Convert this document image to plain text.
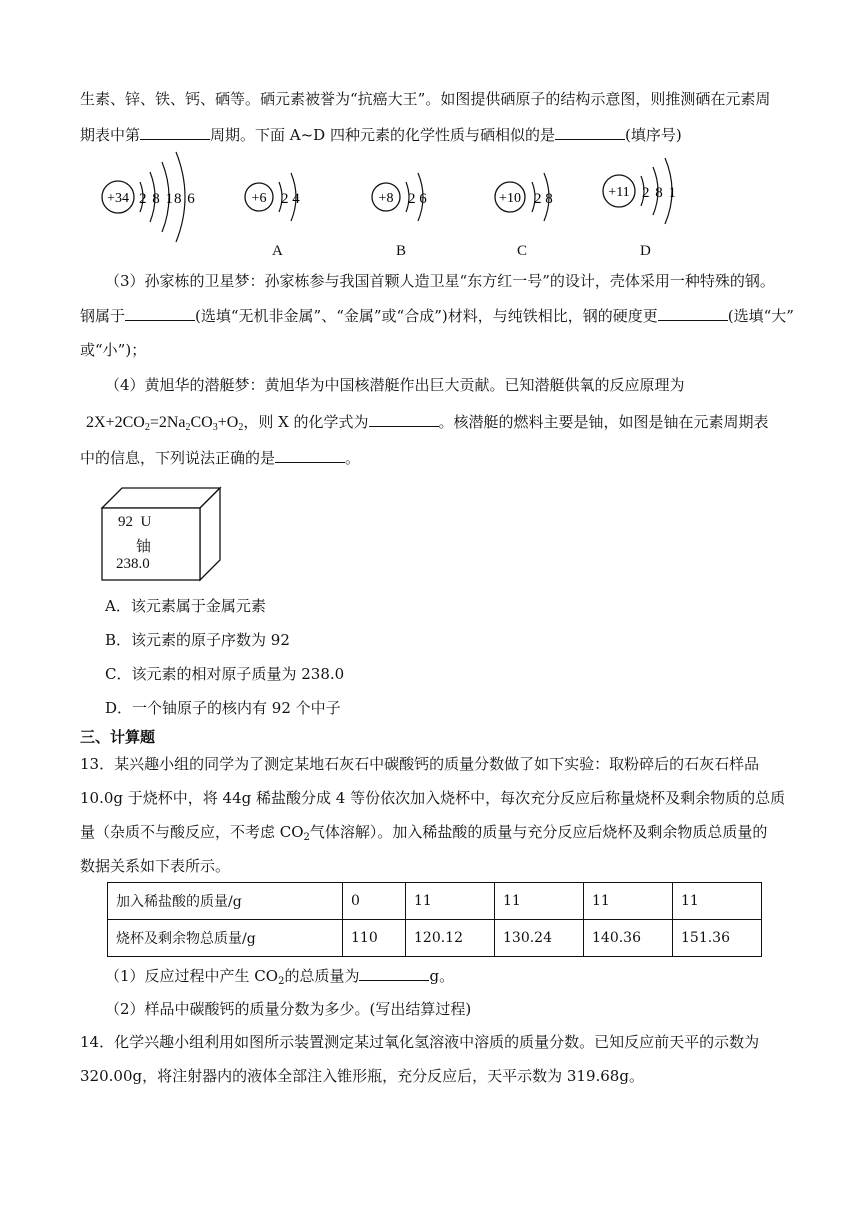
生素、锌、铁、钙、硒等。硒元素被誉为“抗癌大王”。如图提供硒原子的结构示意图，则推测硒在元素周
期表中第	周期。下面 A~D 四种元素的化学性质与硒相似的是	(填序号)
+34 2 8 18 6	+6 2 4
A
+8 2 6
B
+10 2 8
C
+11 2 8 1
D
（3）孙家栋的卫星梦：孙家栋参与我国首颗人造卫星“东方红一号”的设计，壳体采用一种特殊的钢。
钢属于	(选填“无机非金属”、“金属”或“合成”)材料，与纯铁相比，钢的硬度更	(选填“大”
或“小”)；
（4）黄旭华的潜艇梦：黄旭华为中国核潜艇作出巨大贡献。已知潜艇供氧的反应原理为
$2X+2CO_2=2Na_2CO_3+O_2$，则 X 的化学式为	。核潜艇的燃料主要是铀，如图是铀在元素周期表
中的信息，下列说法正确的是	。
92 U
铀
238.0
A．该元素属于金属元素
B．该元素的原子序数为 92
C．该元素的相对原子质量为 238.0
D．一个铀原子的核内有 92 个中子
三、计算题
13．某兴趣小组的同学为了测定某地石灰石中碳酸钙的质量分数做了如下实验：取粉碎后的石灰石样品
10.0g 于烧杯中，将 44g 稀盐酸分成 4 等份依次加入烧杯中，每次充分反应后称量烧杯及剩余物质的总质
量（杂质不与酸反应，不考虑 $CO_2$气体溶解）。加入稀盐酸的质量与充分反应后烧杯及剩余物质总质量的
数据关系如下表所示。
加入稀盐酸的质量/g	0	11	11	11	11
烧杯及剩余物总质量/g	110	120.12	130.24	140.36	151.36
（1）反应过程中产生 $CO_2$的总质量为	g。
（2）样品中碳酸钙的质量分数为多少。(写出结算过程)
14．化学兴趣小组利用如图所示装置测定某过氧化氢溶液中溶质的质量分数。已知反应前天平的示数为
320.00g，将注射器内的液体全部注入锥形瓶，充分反应后，天平示数为 319.68g。
